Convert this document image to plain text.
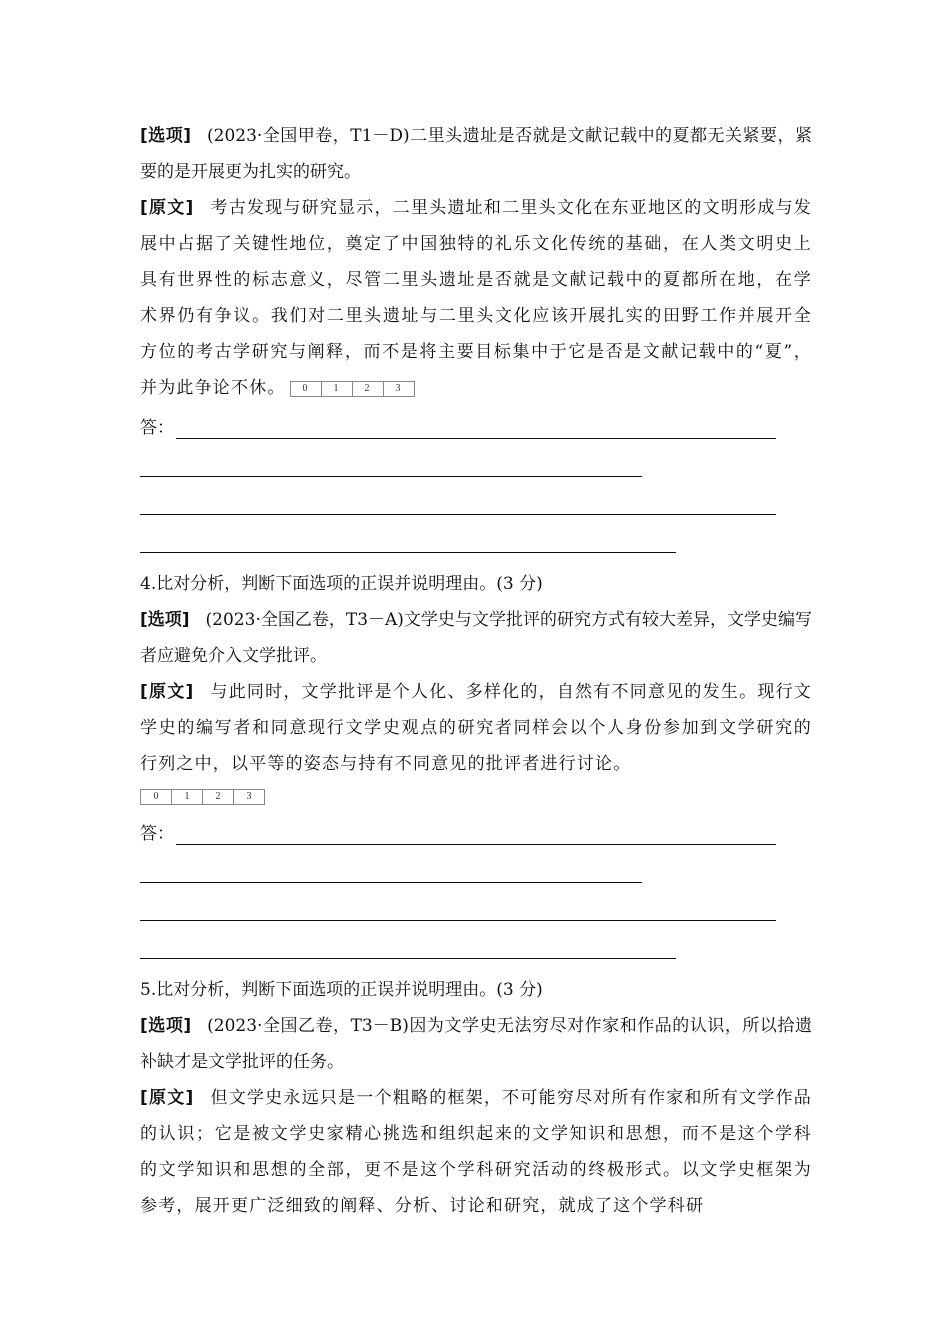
[选项] (2023·全国甲卷，T1－D)二里头遗址是否就是文献记载中的夏都无关紧要，紧要的是开展更为扎实的研究。

[原文] 考古发现与研究显示，二里头遗址和二里头文化在东亚地区的文明形成与发展中占据了关键性地位，奠定了中国独特的礼乐文化传统的基础，在人类文明史上具有世界性的标志意义，尽管二里头遗址是否就是文献记载中的夏都所在地，在学术界仍有争议。我们对二里头遗址与二里头文化应该开展扎实的田野工作并展开全方位的考古学研究与阐释，而不是将主要目标集中于它是否是文献记载中的“夏”，并为此争论不休。	0	1	2	3

答：

4.比对分析，判断下面选项的正误并说明理由。(3 分)

[选项] (2023·全国乙卷，T3－A)文学史与文学批评的研究方式有较大差异，文学史编写者应避免介入文学批评。

[原文] 与此同时，文学批评是个人化、多样化的，自然有不同意见的发生。现行文学史的编写者和同意现行文学史观点的研究者同样会以个人身份参加到文学研究的行列之中，以平等的姿态与持有不同意见的批评者进行讨论。

0	1	2	3
答：

5.比对分析，判断下面选项的正误并说明理由。(3 分)

[选项] (2023·全国乙卷，T3－B)因为文学史无法穷尽对作家和作品的认识，所以拾遗补缺才是文学批评的任务。

[原文] 但文学史永远只是一个粗略的框架，不可能穷尽对所有作家和所有文学作品的认识；它是被文学史家精心挑选和组织起来的文学知识和思想，而不是这个学科的文学知识和思想的全部，更不是这个学科研究活动的终极形式。以文学史框架为参考，展开更广泛细致的阐释、分析、讨论和研究，就成了这个学科研
